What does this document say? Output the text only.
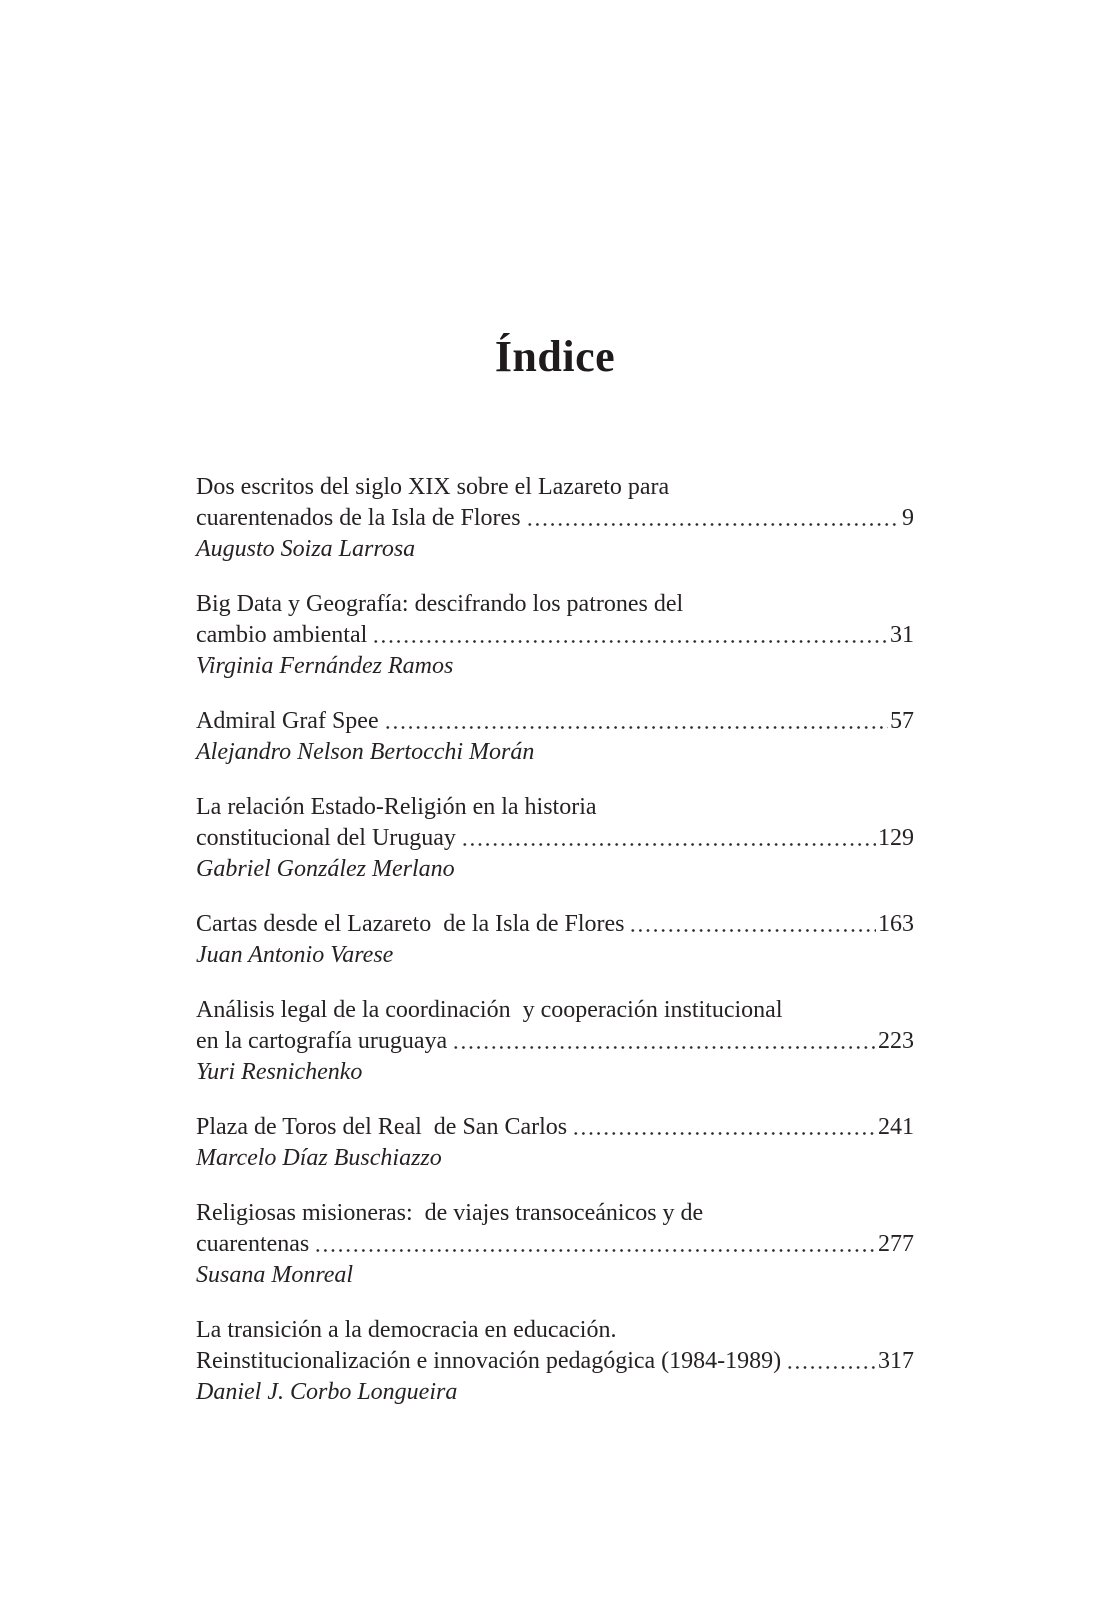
Índice
Dos escritos del siglo XIX sobre el Lazareto para
cuarentenados de la Isla de Flores	9
Augusto Soiza Larrosa
Big Data y Geografía: descifrando los patrones del
cambio ambiental	31
Virginia Fernández Ramos
Admiral Graf Spee	57
Alejandro Nelson Bertocchi Morán
La relación Estado-Religión en la historia
constitucional del Uruguay	129
Gabriel González Merlano
Cartas desde el Lazareto  de la Isla de Flores	163
Juan Antonio Varese
Análisis legal de la coordinación  y cooperación institucional
en la cartografía uruguaya	223
Yuri Resnichenko
Plaza de Toros del Real  de San Carlos	241
Marcelo Díaz Buschiazzo
Religiosas misioneras:  de viajes transoceánicos y de
cuarentenas	277
Susana Monreal
La transición a la democracia en educación.
Reinstitucionalización e innovación pedagógica (1984-1989)	317
Daniel J. Corbo Longueira
